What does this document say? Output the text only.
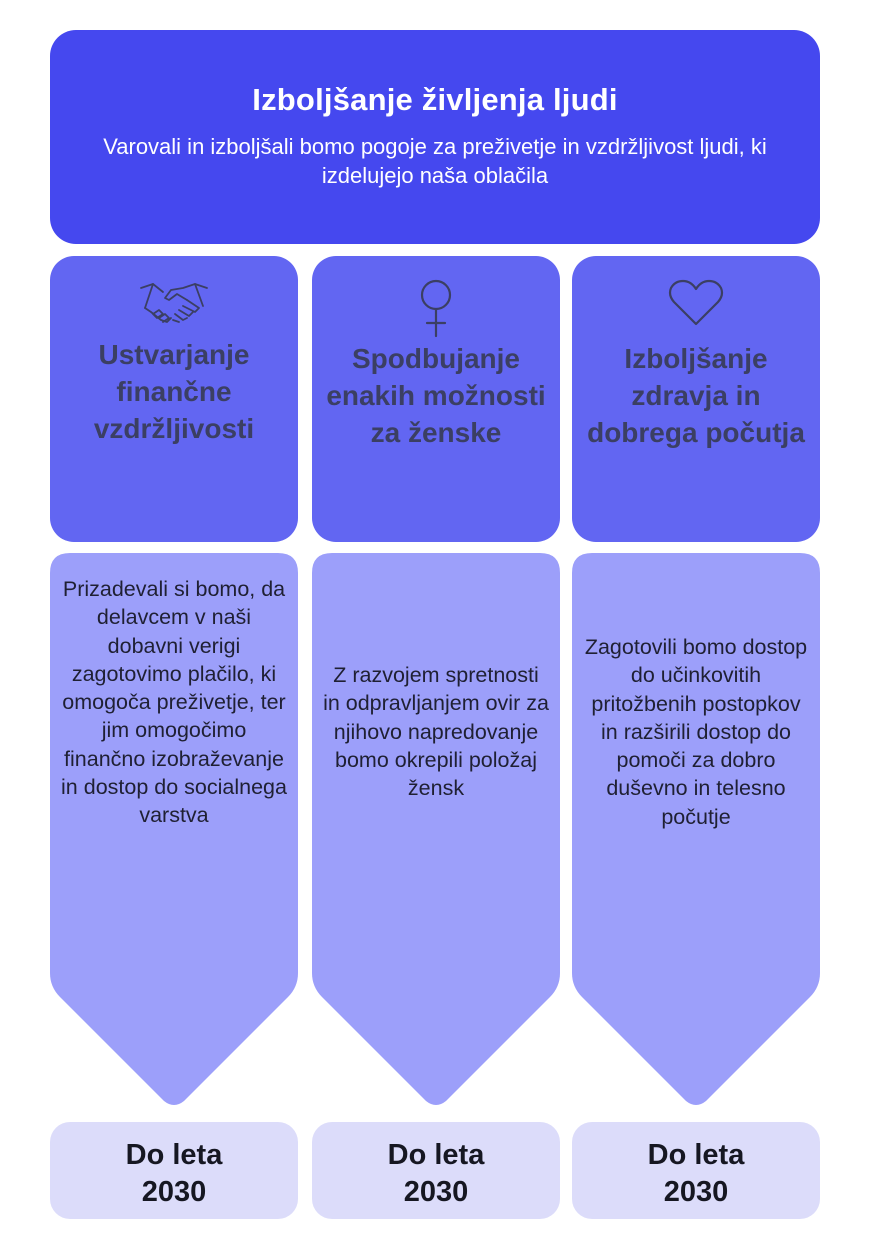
Izboljšanje življenja ljudi

Varovali in izboljšali bomo pogoje za preživetje in vzdržljivost ljudi, ki izdelujejo naša oblačila

Ustvarjanje finančne vzdržljivosti
Prizadevali si bomo, da delavcem v naši dobavni verigi zagotovimo plačilo, ki omogoča preživetje, ter jim omogočimo finančno izobraževanje in dostop do socialnega varstva
Do leta
2030
Spodbujanje enakih možnosti za ženske
Z razvojem spretnosti in odpravljanjem ovir za njihovo napredovanje bomo okrepili položaj žensk
Do leta
2030
Izboljšanje zdravja in dobrega počutja
Zagotovili bomo dostop do učinkovitih pritožbenih postopkov in razširili dostop do pomoči za dobro duševno in telesno počutje
Do leta
2030
